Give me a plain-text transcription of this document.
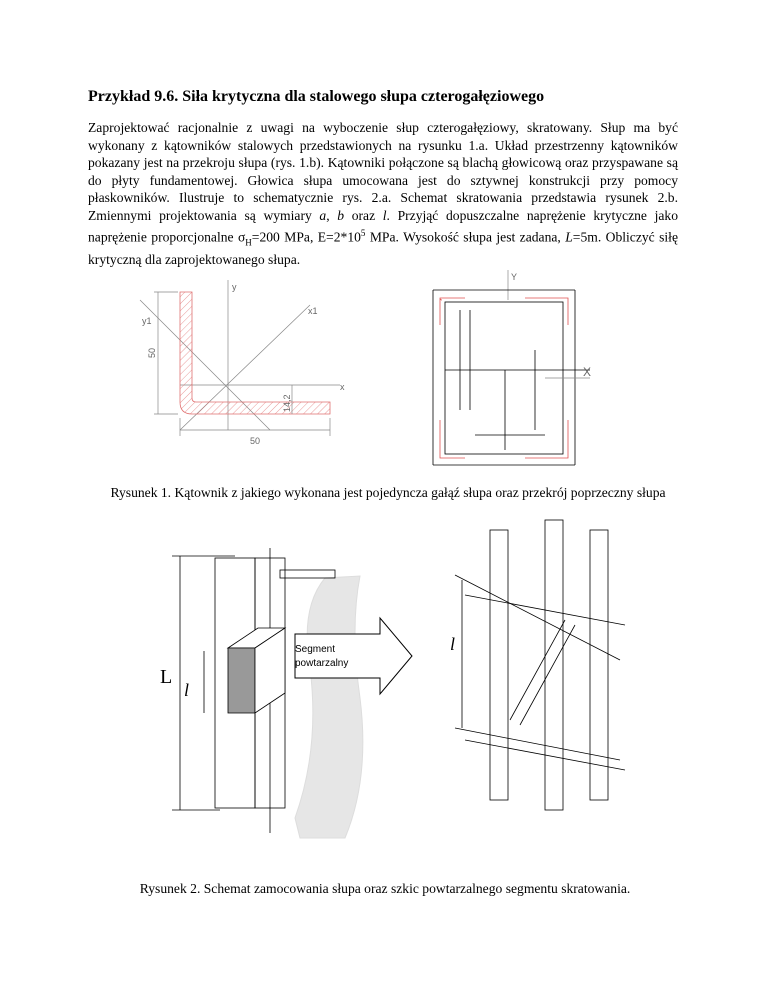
Przykład 9.6. Siła krytyczna dla stalowego słupa czterogałęziowego

Zaprojektować racjonalnie z uwagi na wyboczenie słup czterogałęziowy, skratowany. Słup ma być wykonany z kątowników stalowych przedstawionych na rysunku 1.a. Układ przestrzenny kątowników pokazany jest na przekroju słupa (rys. 1.b). Kątowniki połączone są blachą głowicową oraz przyspawane są do płyty fundamentowej. Głowica słupa umocowana jest do sztywnej konstrukcji przy pomocy płaskowników. Ilustruje to schematycznie rys. 2.a. Schemat skratowania przedstawia rysunek 2.b. Zmiennymi projektowania są wymiary a, b oraz l. Przyjąć dopuszczalne naprężenie krytyczne jako naprężenie proporcjonalne $\sigma_H=200$ MPa, $E=2*10^5$ MPa. Wysokość słupa jest zadana, L=5m. Obliczyć siłę krytyczną dla zaprojektowanego słupa.

50
50
14,2
y
x
x1
y1
Y
X
Rysunek 1. Kątownik z jakiego wykonana jest pojedyncza gałąź słupa oraz przekrój poprzeczny słupa
L
l
Segment
powtarzalny
l
Rysunek 2. Schemat zamocowania słupa oraz szkic powtarzalnego segmentu skratowania.
